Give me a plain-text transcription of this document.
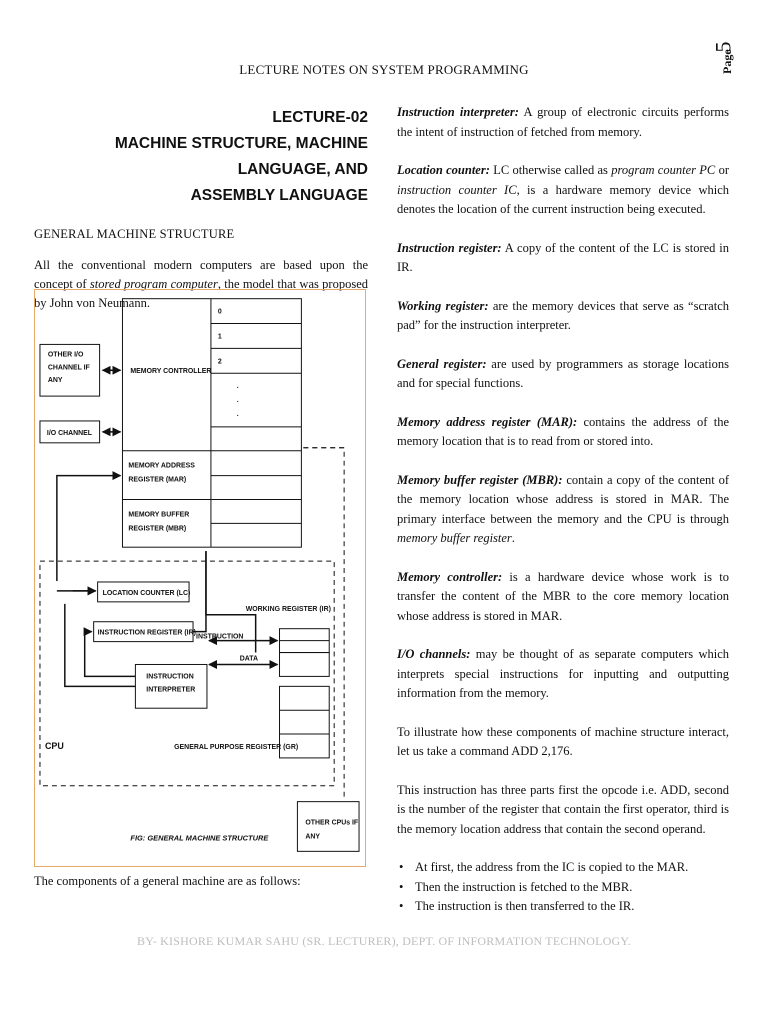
LECTURE NOTES ON SYSTEM PROGRAMMING	Page
5

LECTURE-02

MACHINE STRUCTURE, MACHINE LANGUAGE, AND

ASSEMBLY LANGUAGE

GENERAL MACHINE STRUCTURE

All the conventional modern computers are based upon the concept of stored program computer, the model that was proposed by John von Neumann.

OTHER I/O
CHANNEL IF
ANY
I/O CHANNEL
MEMORY CONTROLLER
0
1
2
.
.
.
MEMORY ADDRESS
REGISTER (MAR)
MEMORY BUFFER
REGISTER (MBR)
LOCATION COUNTER (LC)
INSTRUCTION REGISTER (IR)
WORKING REGISTER (IR)
INSTRUCTION
DATA
INSTRUCTION
INTERPRETER
CPU	GENERAL PURPOSE REGISTER (GR)
FIG: GENERAL MACHINE STRUCTURE
OTHER CPUs IF
ANY
The components of a general machine are as follows:

Instruction interpreter: A group of electronic circuits performs the intent of instruction of fetched from memory.

Location counter: LC otherwise called as program counter PC or instruction counter IC, is a hardware memory device which denotes the location of the current instruction being executed.

Instruction register: A copy of the content of the LC is stored in IR.

Working register: are the memory devices that serve as “scratch pad” for the instruction interpreter.

General register: are used by programmers as storage locations and for special functions.

Memory address register (MAR): contains the address of the memory location that is to read from or stored into.

Memory buffer register (MBR): contain a copy of the content of the memory location whose address is stored in MAR. The primary interface between the memory and the CPU is through memory buffer register.

Memory controller: is a hardware device whose work is to transfer the content of the MBR to the core memory location whose address is stored in MAR.

I/O channels: may be thought of as separate computers which interprets special instructions for inputting and outputting information from the memory.

To illustrate how these components of machine structure interact, let us take a command ADD 2,176.

This instruction has three parts first the opcode i.e. ADD, second is the number of the register that contain the first operator, third is the memory location address that contain the second operand.

• At first, the address from the IC is copied to the MAR.
• Then the instruction is fetched to the MBR.
• The instruction is then transferred to the IR.
BY- KISHORE KUMAR SAHU (SR. LECTURER), DEPT. OF INFORMATION TECHNOLOGY.
